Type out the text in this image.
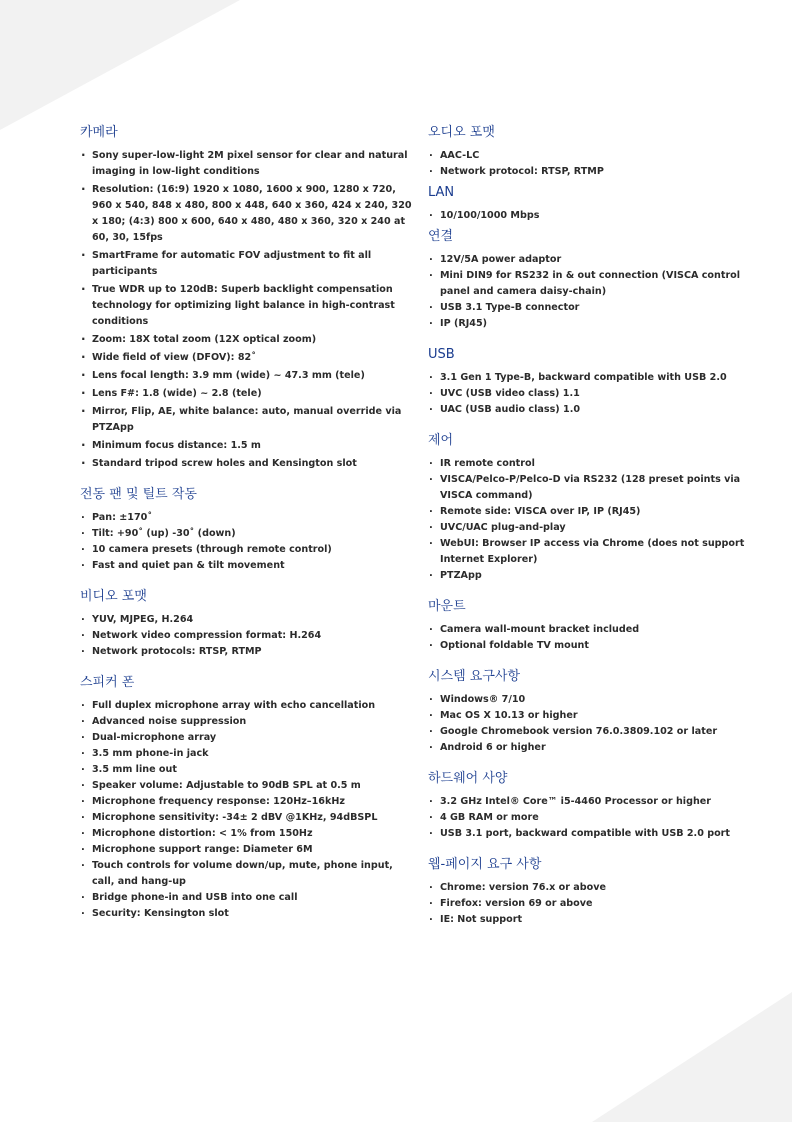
카메라
· Sony super-low-light 2M pixel sensor for clear and natural imaging in low-light conditions
· Resolution: (16:9) 1920 x 1080, 1600 x 900, 1280 x 720, 960 x 540, 848 x 480, 800 x 448, 640 x 360, 424 x 240, 320 x 180; (4:3) 800 x 600, 640 x 480, 480 x 360, 320 x 240 at 60, 30, 15fps
· SmartFrame for automatic FOV adjustment to fit all participants
· True WDR up to 120dB: Superb backlight compensation technology for optimizing light balance in high-contrast conditions
· Zoom: 18X total zoom (12X optical zoom)
· Wide field of view (DFOV): 82˚
· Lens focal length: 3.9 mm (wide) ~ 47.3 mm (tele)
· Lens F#: 1.8 (wide) ~ 2.8 (tele)
· Mirror, Flip, AE, white balance: auto, manual override via PTZApp
· Minimum focus distance: 1.5 m
· Standard tripod screw holes and Kensington slot
전동 팬 및 틸트 작동
. Pan: ±170˚
. Tilt: +90˚ (up) -30˚ (down)
. 10 camera presets (through remote control)
. Fast and quiet pan & tilt movement
비디오 포맷
. YUV, MJPEG, H.264
. Network video compression format: H.264
. Network protocols: RTSP, RTMP
스피커 폰
. Full duplex microphone array with echo cancellation
. Advanced noise suppression
. Dual-microphone array
. 3.5 mm phone-in jack
. 3.5 mm line out
. Speaker volume: Adjustable to 90dB SPL at 0.5 m
. Microphone frequency response: 120Hz–16kHz
. Microphone sensitivity: -34± 2 dBV @1KHz, 94dBSPL
. Microphone distortion: < 1% from 150Hz
. Microphone support range: Diameter 6M
. Touch controls for volume down/up, mute, phone input, call, and hang-up
. Bridge phone-in and USB into one call
. Security: Kensington slot
오디오 포맷
. AAC-LC
. Network protocol: RTSP, RTMP
LAN
. 10/100/1000 Mbps
연결
. 12V/5A power adaptor
. Mini DIN9 for RS232 in & out connection (VISCA control panel and camera daisy-chain)
. USB 3.1 Type-B connector
. IP (RJ45)
USB
. 3.1 Gen 1 Type-B, backward compatible with USB 2.0
. UVC (USB video class) 1.1
. UAC (USB audio class) 1.0
제어
. IR remote control
. VISCA/Pelco-P/Pelco-D via RS232 (128 preset points via VISCA command)
. Remote side: VISCA over IP, IP (RJ45)
. UVC/UAC plug-and-play
. WebUI: Browser IP access via Chrome (does not support Internet Explorer)
. PTZApp
마운트
. Camera wall-mount bracket included
. Optional foldable TV mount
시스템 요구사항
. Windows® 7/10
. Mac OS X 10.13 or higher
. Google Chromebook version 76.0.3809.102 or later
. Android 6 or higher
하드웨어 사양
. 3.2 GHz Intel® Core™ i5-4460 Processor or higher
. 4 GB RAM or more
. USB 3.1 port, backward compatible with USB 2.0 port
웹-페이지 요구 사항
. Chrome: version 76.x or above
. Firefox: version 69 or above
. IE: Not support
